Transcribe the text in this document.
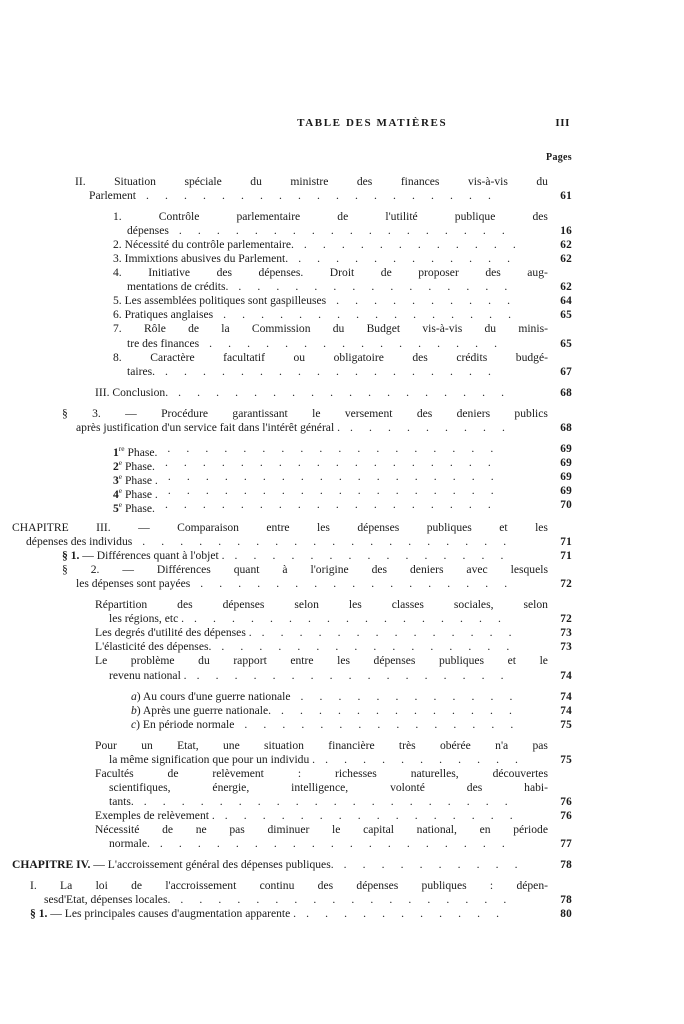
TABLE DES MATIÈRES	III
Pages
II. Situation spéciale du ministre des finances vis-à-vis du
Parlement ...................	61
1.	Contrôle	parlementaire	de	l'utilité	publique	des
dépenses ..................	16
2. Nécessité du contrôle parlementaire. ............	62
3. Immixtions abusives du Parlement. ............	62
4. Initiative des dépenses. Droit de proposer des aug-
mentations de crédits. ...............	62
5. Les assemblées politiques sont gaspilleuses ..........	64
6. Pratiques anglaises ................	65
7. Rôle de la Commission du Budget vis-à-vis du minis-
tre des finances ................	65
8. Caractère facultatif ou obligatoire des crédits budgé-
taires. ..................	67
III. Conclusion. ..................	68
§ 3. — Procédure garantissant le versement des deniers publics
après justification d'un service fait dans l'intérêt général . .........	68
1re Phase. ..................	69
2e Phase. ..................	69
3e Phase . ..................	69
4e Phase . ..................	69
5e Phase. ..................	70
CHAPITRE III. — Comparaison entre les dépenses publiques et les
dépenses des individus ....................	71
§ 1. — Différences quant à l'objet . ...............	71
§ 2. — Différences quant à l'origine des deniers avec lesquels
les dépenses sont payées .................	72
Répartition	des	dépenses	selon	les	classes	sociales,	selon
les régions, etc . .................	72
Les degrés d'utilité des dépenses . ..............	73
L'élasticité des dépenses. ................	73
Le problème du rapport entre les dépenses publiques et le
revenu national . .................	74
a) Au cours d'une guerre nationale ............	74
b) Après une guerre nationale. .............	74
c) En période normale ...............	75
Pour un Etat, une situation financière très obérée n'a pas
la même signification que pour un individu . ...........	75
Facultés	de	relèvement	:	richesses	naturelles,	découvertes
scientifiques,	énergie,	intelligence,	volonté	des	habi-
tants. ....................	76
Exemples de relèvement . ................	76
Nécessité de ne pas diminuer le capital national, en période
normale. ...................	77
CHAPITRE IV. — L'accroissement général des dépenses publiques. ..........	78
I. La loi de l'accroissement continu des dépenses publiques : dépen-
sesd'Etat, dépenses locales. ..................	78
§ 1. — Les principales causes d'augmentation apparente . ...........	80
